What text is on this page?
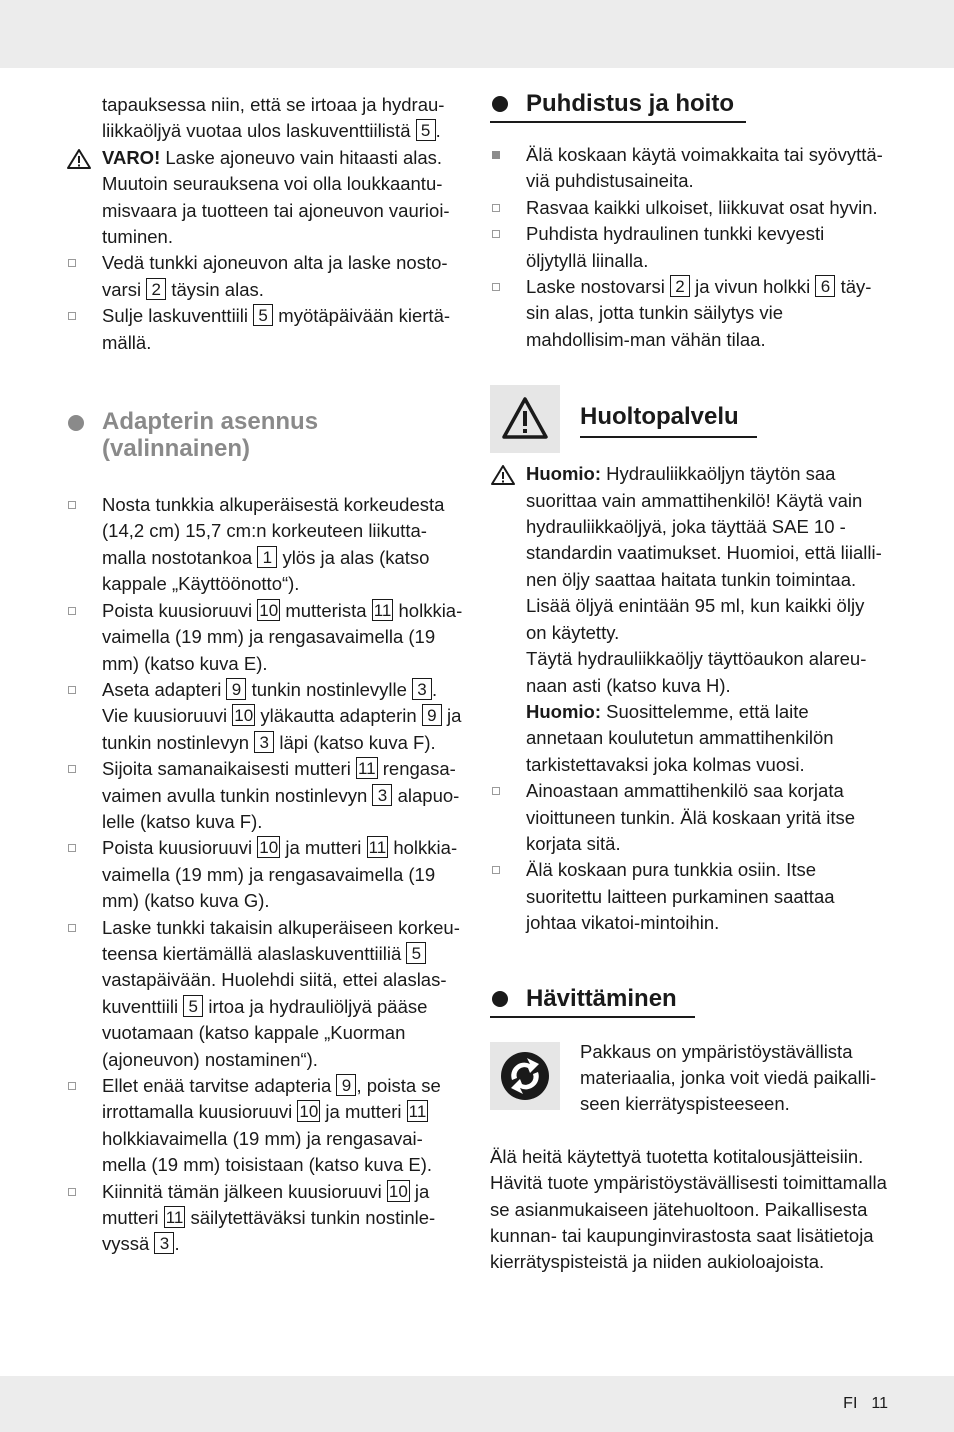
tapauksessa niin, että se irtoaa ja hydrau-
liikkaöljyä vuotaa ulos laskuventtiilistä 5 .

VARO! Laske ajoneuvo vain hitaasti alas. Muutoin seurauksena voi olla loukkaantu-misvaara ja tuotteen tai ajoneuvon vaurioi-tuminen.

Vedä tunkki ajoneuvon alta ja laske nosto-varsi 2 täysin alas.

Sulje laskuventtiili 5 myötäpäivään kiertä-mällä.

Adapterin asennus
(valinnainen)

Nosta tunkkia alkuperäisestä korkeudesta (14,2 cm) 15,7 cm:n korkeuteen liikutta-malla nostotankoa 1 ylös ja alas (katso kappale „Käyttöönotto“).

Poista kuusioruuvi 10 mutterista 11 holkkia-vaimella (19 mm) ja rengasavaimella (19 mm) (katso kuva E).

Aseta adapteri 9 tunkin nostinlevylle 3 . Vie kuusioruuvi 10 yläkautta adapterin 9 ja tunkin nostinlevyn 3 läpi (katso kuva F).

Sijoita samanaikaisesti mutteri 11 rengasa-vaimen avulla tunkin nostinlevyn 3 alapuo-lelle (katso kuva F).

Poista kuusioruuvi 10 ja mutteri 11 holkkia-vaimella (19 mm) ja rengasavaimella (19 mm) (katso kuva G).

Laske tunkki takaisin alkuperäiseen korkeu-teensa kiertämällä alaslaskuventtiiliä 5 vastapäivään. Huolehdi siitä, ettei alaslas-kuventtiili 5 irtoa ja hydrauliöljyä pääse vuotamaan (katso kappale „Kuorman (ajoneuvon) nostaminen“).

Ellet enää tarvitse adapteria 9 , poista se irrottamalla kuusioruuvi 10 ja mutteri 11 holkkiavaimella (19 mm) ja rengasavai-mella (19 mm) toisistaan (katso kuva E).

Kiinnitä tämän jälkeen kuusioruuvi 10 ja mutteri 11 säilytettäväksi tunkin nostinle-vyssä 3 .

Puhdistus ja hoito

Älä koskaan käytä voimakkaita tai syövyttä-viä puhdistusaineita.

Rasvaa kaikki ulkoiset, liikkuvat osat hyvin.

Puhdista hydraulinen tunkki kevyesti öljytyllä liinalla.

Laske nostovarsi 2 ja vivun holkki 6 täy-sin alas, jotta tunkin säilytys vie mahdollisim-man vähän tilaa.

Huoltopalvelu

Huomio: Hydrauliikkaöljyn täytön saa suorittaa vain ammattihenkilö! Käytä vain hydrauliikkaöljyä, joka täyttää SAE 10 -standardin vaatimukset. Huomioi, että liialli-nen öljy saattaa haitata tunkin toimintaa. Lisää öljyä enintään 95 ml, kun kaikki öljy on käytetty.

Täytä hydrauliikkaöljy täyttöaukon alareu-naan asti (katso kuva H).

Huomio: Suosittelemme, että laite annetaan koulutetun ammattihenkilön tarkistettavaksi joka kolmas vuosi.

Ainoastaan ammattihenkilö saa korjata vioittuneen tunkin. Älä koskaan yritä itse korjata sitä.

Älä koskaan pura tunkkia osiin. Itse suoritettu laitteen purkaminen saattaa johtaa vikatoi-mintoihin.

Hävittäminen
Pakkaus on ympäristöystävällista materiaalia, jonka voit viedä paikalli-seen kierrätyspisteeseen.

Älä heitä käytettyä tuotetta kotitalousjätteisiin. Hävitä tuote ympäristöystävällisesti toimittamalla se asianmukaiseen jätehuoltoon. Paikallisesta kunnan- tai kaupunginvirastosta saat lisätietoja kierrätyspisteistä ja niiden aukioloajoista.

FI 11
